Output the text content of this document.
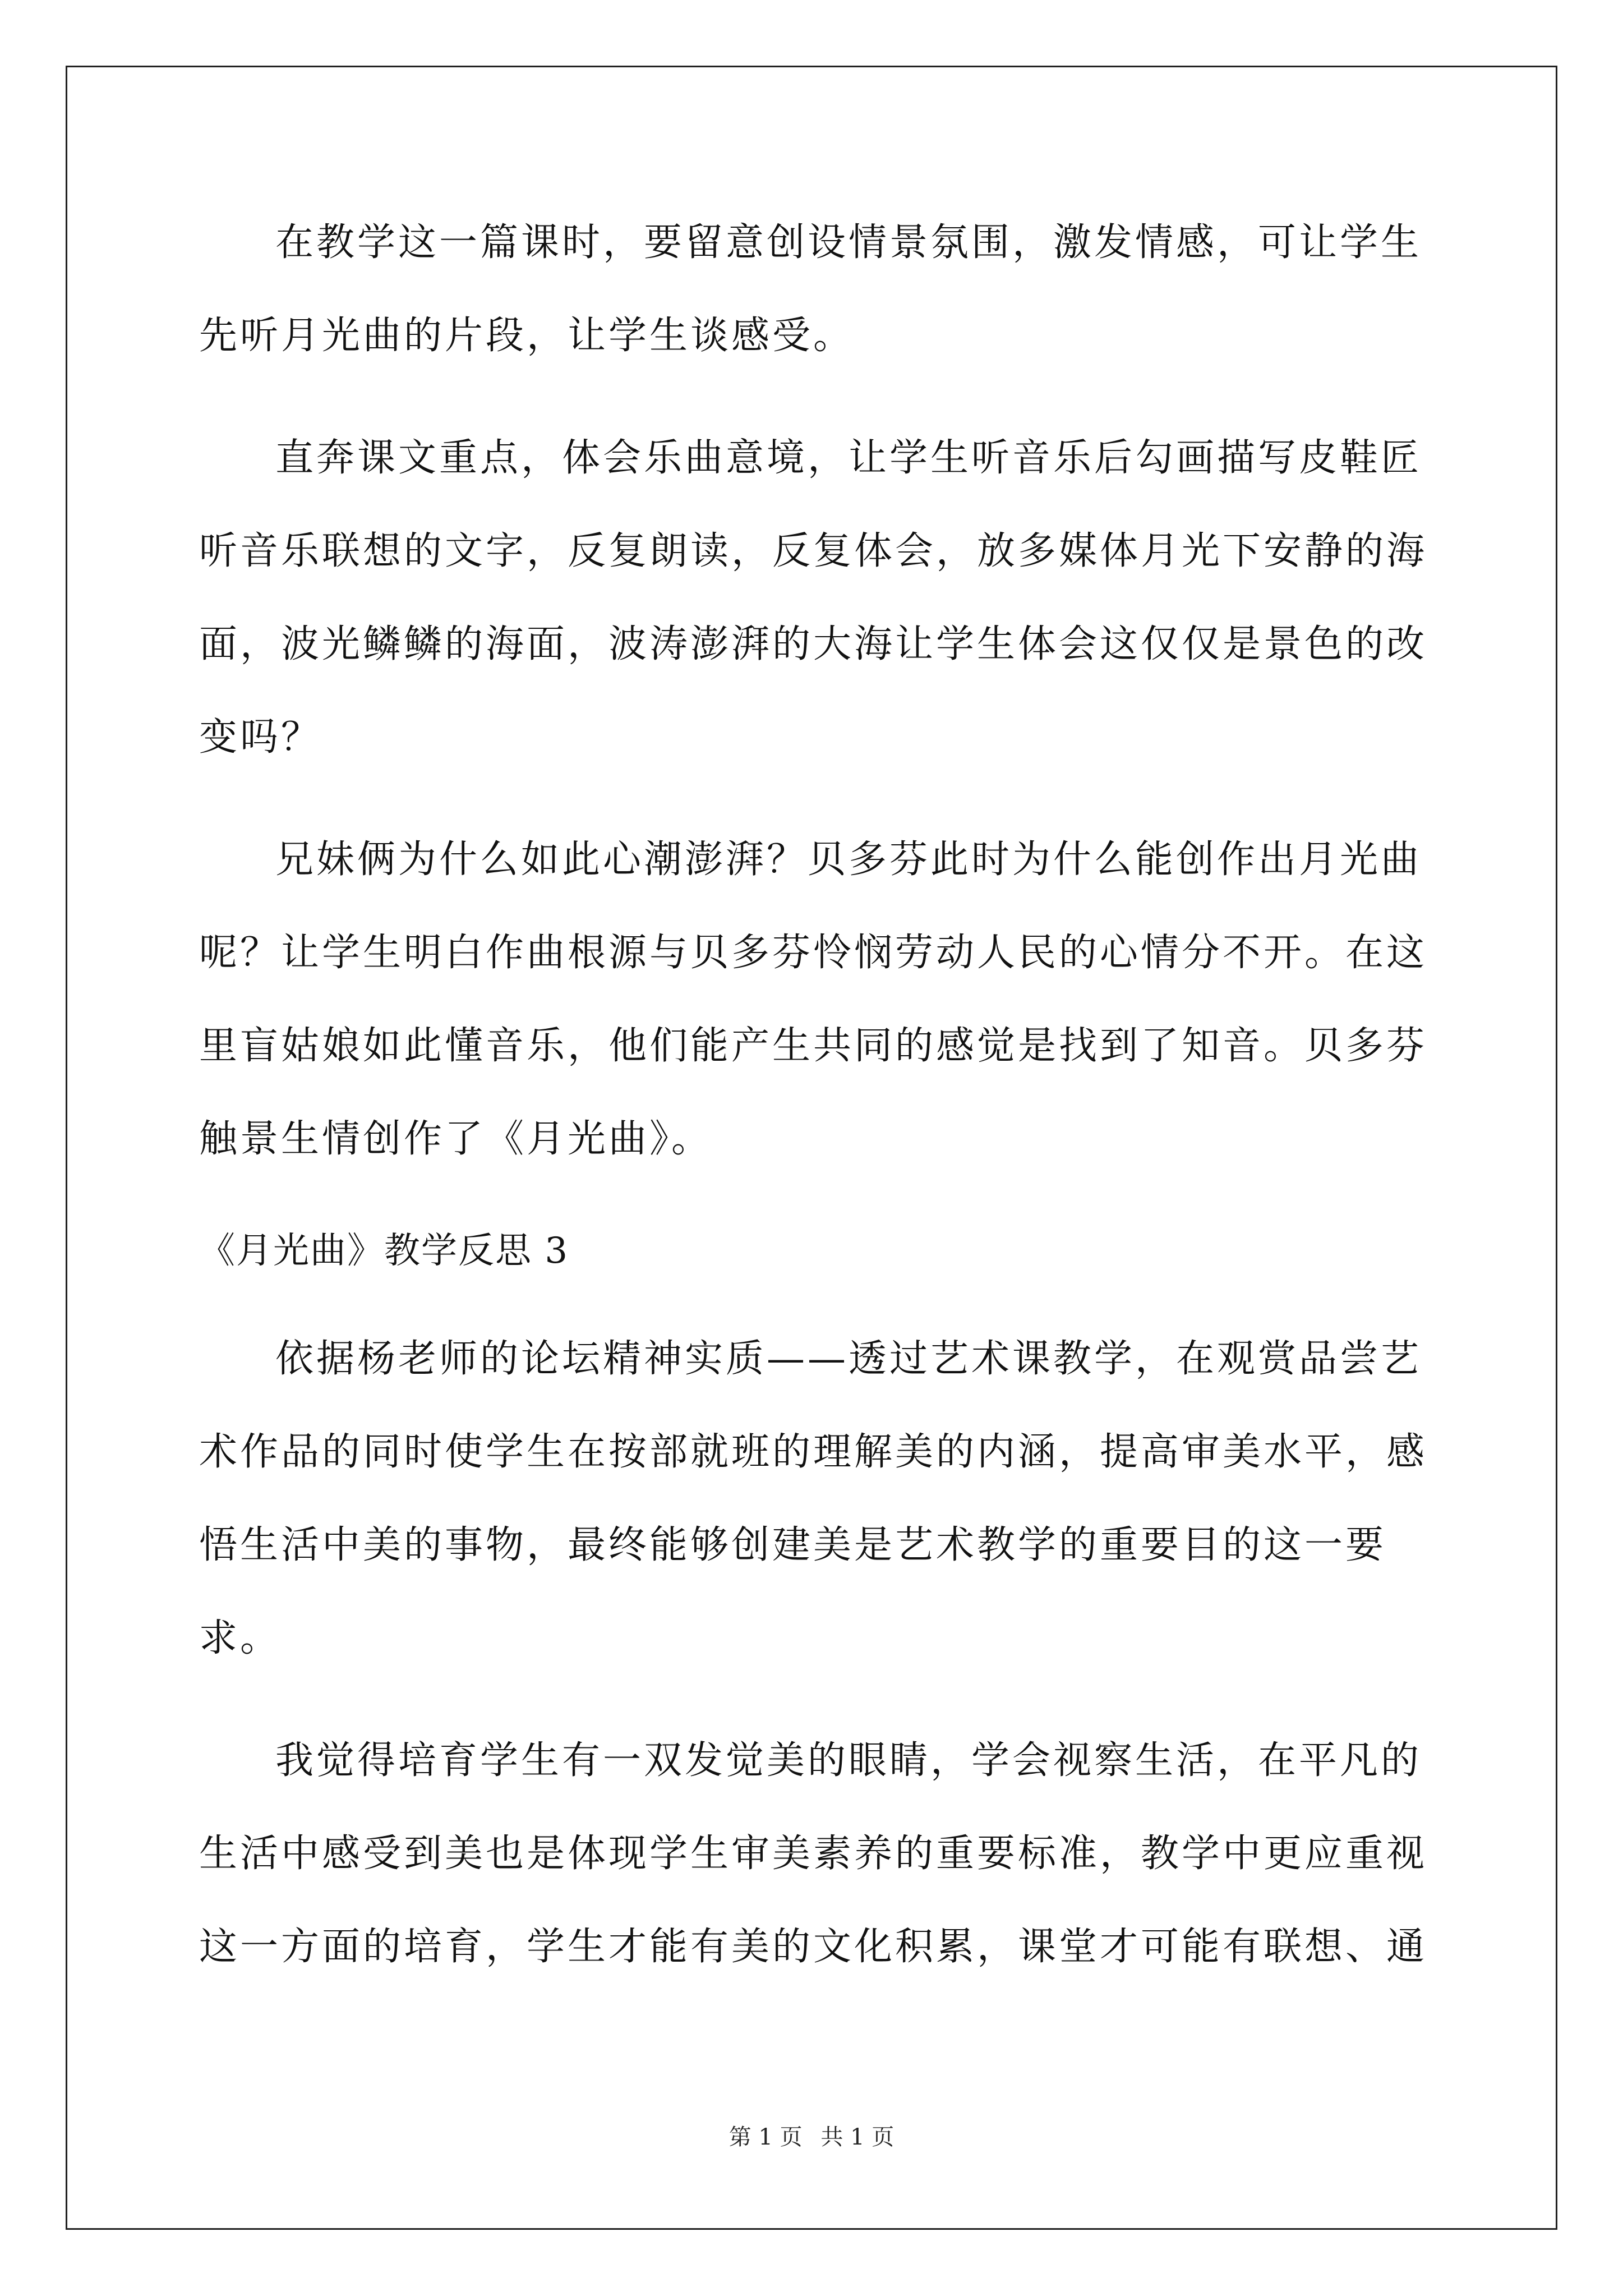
在教学这一篇课时，要留意创设情景氛围，激发情感，可让学生先听月光曲的片段，让学生谈感受。

直奔课文重点，体会乐曲意境，让学生听音乐后勾画描写皮鞋匠听音乐联想的文字，反复朗读，反复体会，放多媒体月光下安静的海面，波光鳞鳞的海面，波涛澎湃的大海让学生体会这仅仅是景色的改变吗？

兄妹俩为什么如此心潮澎湃？贝多芬此时为什么能创作出月光曲呢？让学生明白作曲根源与贝多芬怜悯劳动人民的心情分不开。在这里盲姑娘如此懂音乐，他们能产生共同的感觉是找到了知音。贝多芬触景生情创作了《月光曲》。

《月光曲》教学反思 3

依据杨老师的论坛精神实质——透过艺术课教学，在观赏品尝艺术作品的同时使学生在按部就班的理解美的内涵，提高审美水平，感悟生活中美的事物，最终能够创建美是艺术教学的重要目的这一要求。

我觉得培育学生有一双发觉美的眼睛，学会视察生活，在平凡的生活中感受到美也是体现学生审美素养的重要标准，教学中更应重视这一方面的培育，学生才能有美的文化积累，课堂才可能有联想、通

第 1 页 共 1 页
